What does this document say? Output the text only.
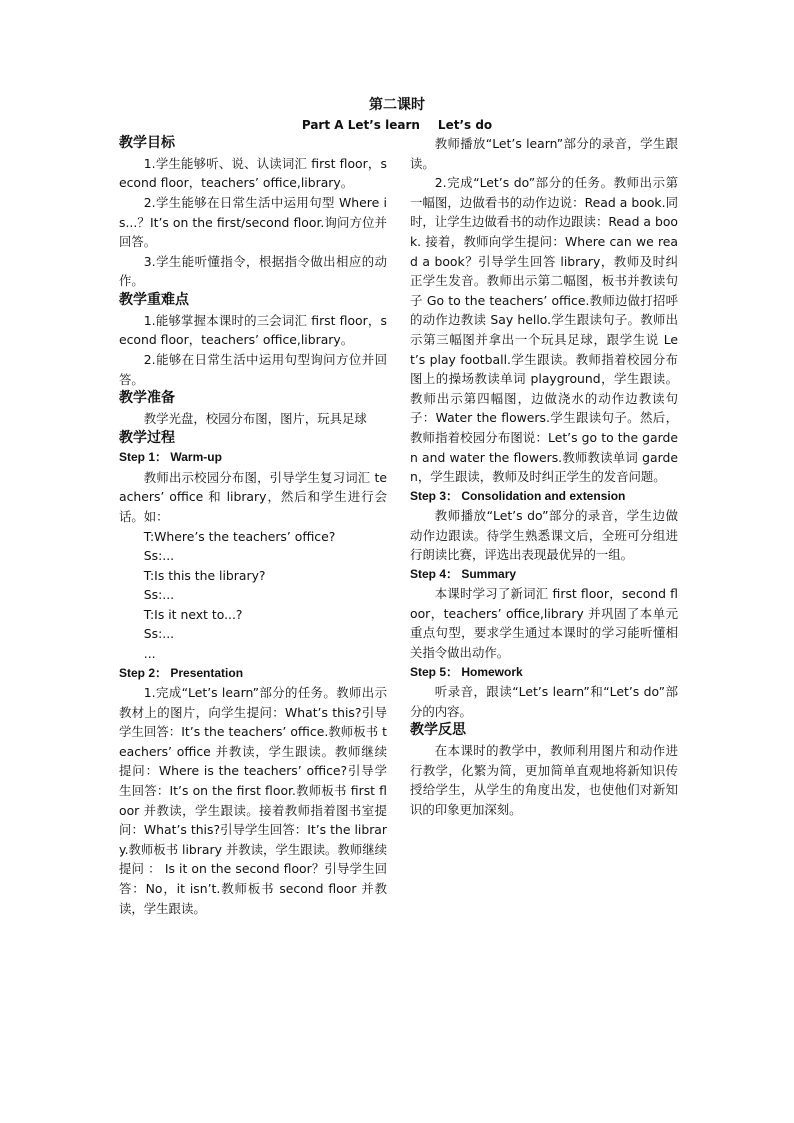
第二课时
Part A Let’s learn Let’s do
教学目标

1.学生能够听、说、认读词汇 first floor，second floor，teachers’ office,library。

2.学生能够在日常生活中运用句型 Where is...？It’s on the first/second floor.询问方位并回答。

3.学生能听懂指令，根据指令做出相应的动作。

教学重难点

1.能够掌握本课时的三会词汇 first floor，second floor，teachers’ office,library。

2.能够在日常生活中运用句型询问方位并回答。

教学准备

教学光盘，校园分布图，图片，玩具足球

教学过程
Step 1： Warm-up

教师出示校园分布图，引导学生复习词汇 teachers’ office 和 library，然后和学生进行会话。如：

T:Where’s the teachers’ office?

Ss:...

T:Is this the library?

Ss:...

T:Is it next to...?

Ss:...

...

Step 2： Presentation

1.完成“Let’s learn”部分的任务。教师出示教材上的图片，向学生提问：What’s this?引导学生回答：It’s the teachers’ office.教师板书 teachers’ office 并教读，学生跟读。教师继续提问：Where is the teachers’ office?引导学生回答：It’s on the first floor.教师板书 first floor 并教读，学生跟读。接着教师指着图书室提问：What’s this?引导学生回答：It’s the library.教师板书 library 并教读，学生跟读。教师继续提问 ： Is it on the second floor？引导学生回答：No，it isn’t.教师板书 second floor 并教读，学生跟读。

教师播放“Let’s learn”部分的录音，学生跟读。

2.完成“Let’s do”部分的任务。教师出示第一幅图，边做看书的动作边说：Read a book.同时，让学生边做看书的动作边跟读：Read a book. 接着，教师向学生提问：Where can we read a book？引导学生回答 library，教师及时纠正学生发音。教师出示第二幅图，板书并教读句子 Go to the teachers’ office.教师边做打招呼的动作边教读 Say hello.学生跟读句子。教师出示第三幅图并拿出一个玩具足球，跟学生说 Let’s play football.学生跟读。教师指着校园分布图上的操场教读单词 playground，学生跟读。教师出示第四幅图，边做浇水的动作边教读句子：Water the flowers.学生跟读句子。然后，教师指着校园分布图说：Let’s go to the garden and water the flowers.教师教读单词 garden，学生跟读，教师及时纠正学生的发音问题。

Step 3： Consolidation and extension

教师播放“Let’s do”部分的录音，学生边做动作边跟读。待学生熟悉课文后，全班可分组进行朗读比赛，评选出表现最优异的一组。

Step 4： Summary

本课时学习了新词汇 first floor，second floor，teachers’ office,library 并巩固了本单元重点句型，要求学生通过本课时的学习能听懂相关指令做出动作。

Step 5： Homework

听录音，跟读“Let’s learn”和“Let’s do”部分的内容。

教学反思

在本课时的教学中，教师利用图片和动作进行教学，化繁为简，更加简单直观地将新知识传授给学生，从学生的角度出发，也使他们对新知识的印象更加深刻。
